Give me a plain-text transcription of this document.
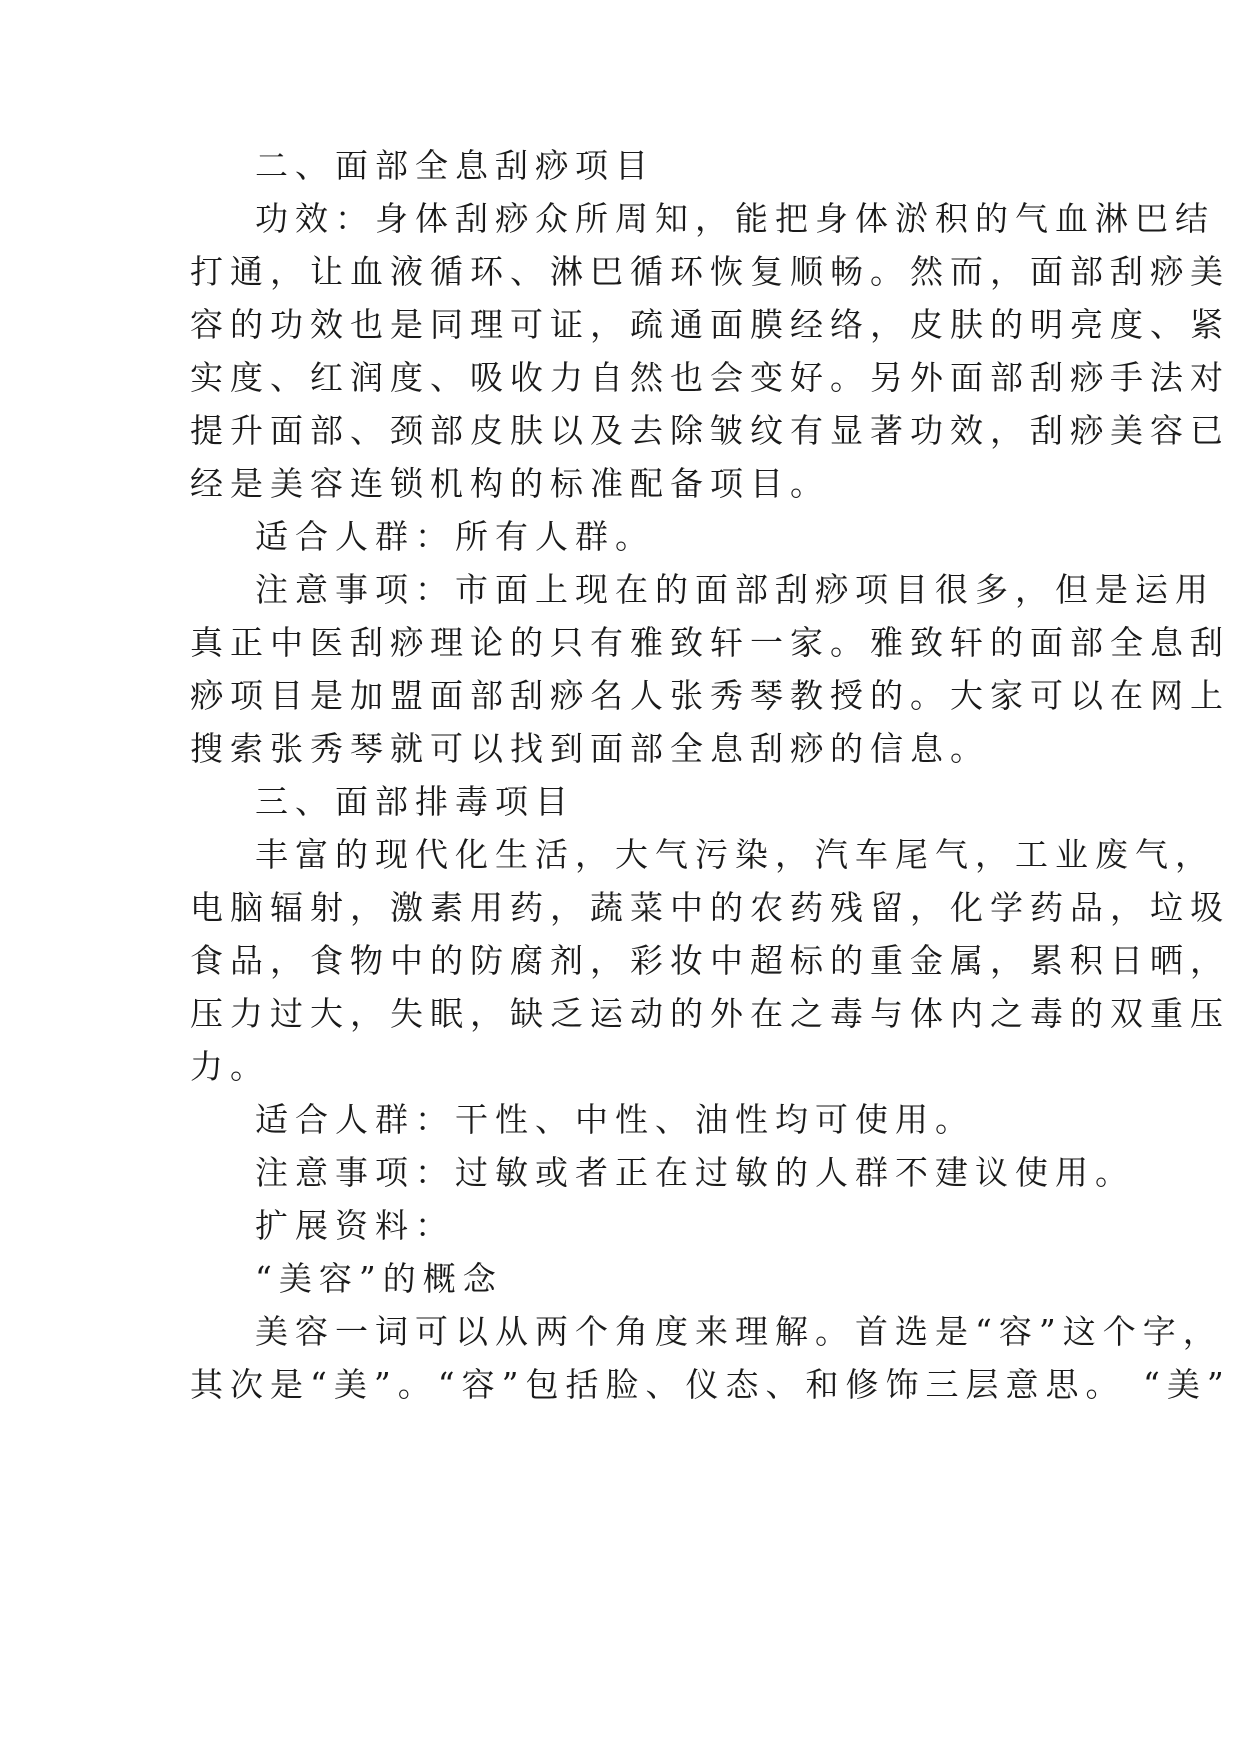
二、面部全息刮痧项目
功效：身体刮痧众所周知，能把身体淤积的气血淋巴结
打通，让血液循环、淋巴循环恢复顺畅。然而，面部刮痧美
容的功效也是同理可证，疏通面膜经络，皮肤的明亮度、紧
实度、红润度、吸收力自然也会变好。另外面部刮痧手法对
提升面部、颈部皮肤以及去除皱纹有显著功效，刮痧美容已
经是美容连锁机构的标准配备项目。
适合人群：所有人群。
注意事项：市面上现在的面部刮痧项目很多，但是运用
真正中医刮痧理论的只有雅致轩一家。雅致轩的面部全息刮
痧项目是加盟面部刮痧名人张秀琴教授的。大家可以在网上
搜索张秀琴就可以找到面部全息刮痧的信息。
三、面部排毒项目
丰富的现代化生活，大气污染，汽车尾气，工业废气，
电脑辐射，激素用药，蔬菜中的农药残留，化学药品，垃圾
食品，食物中的防腐剂，彩妆中超标的重金属，累积日晒，
压力过大，失眠，缺乏运动的外在之毒与体内之毒的双重压
力。
适合人群：干性、中性、油性均可使用。
注意事项：过敏或者正在过敏的人群不建议使用。
扩展资料：
“美容”的概念
美容一词可以从两个角度来理解。首选是“容”这个字，
其次是“美”。“容”包括脸、仪态、和修饰三层意思。 “美”
